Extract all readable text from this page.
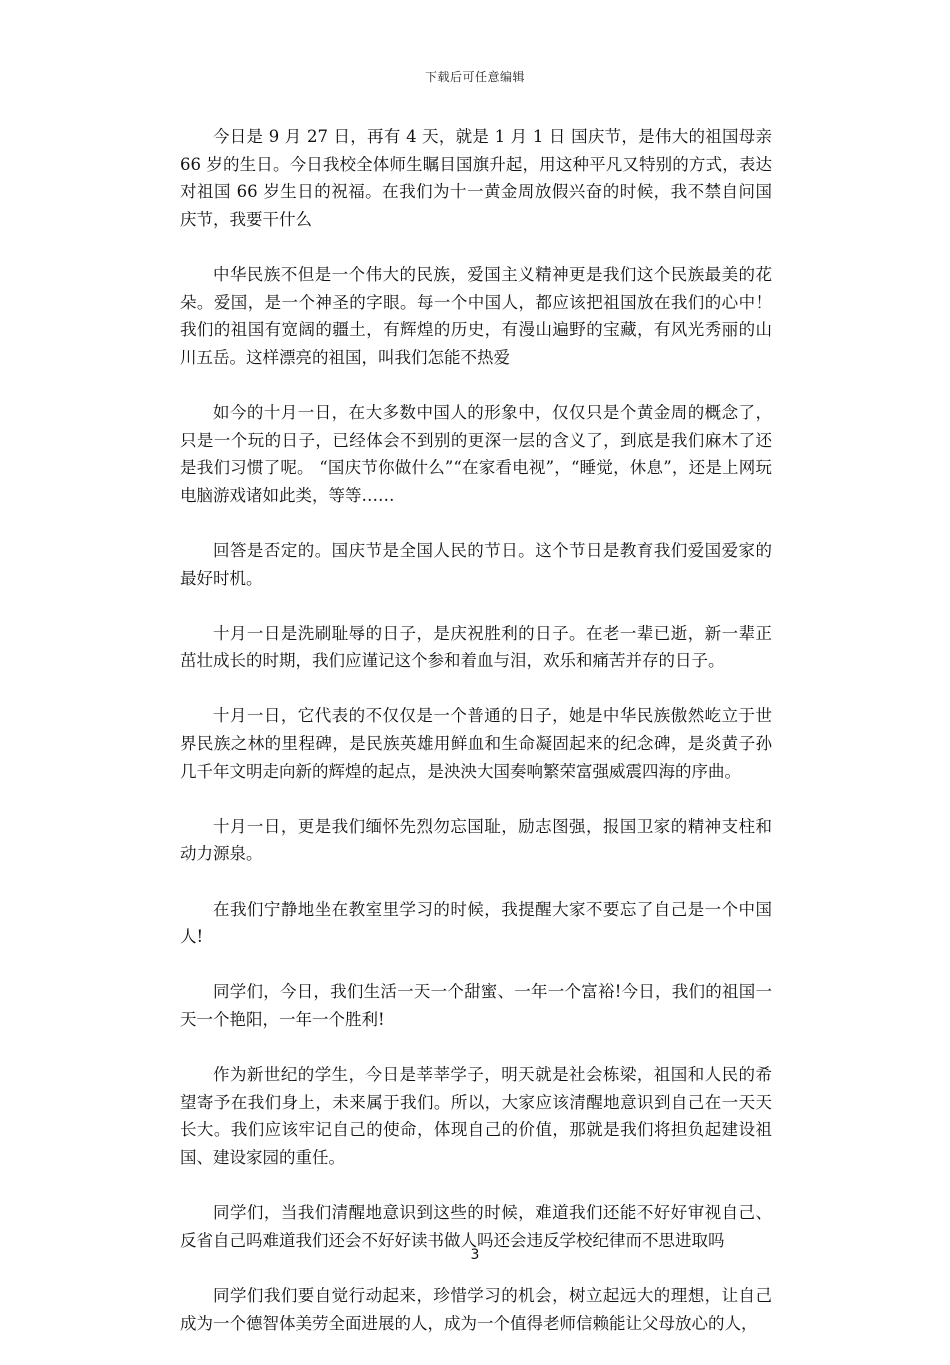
下载后可任意编辑

今日是 9 月 27 日，再有 4 天，就是 1 月 1 日 国庆节，是伟大的祖国母亲 66 岁的生日。今日我校全体师生瞩目国旗升起，用这种平凡又特别的方式，表达对祖国 66 岁生日的祝福。在我们为十一黄金周放假兴奋的时候，我不禁自问国庆节，我要干什么

中华民族不但是一个伟大的民族，爱国主义精神更是我们这个民族最美的花朵。爱国，是一个神圣的字眼。每一个中国人，都应该把祖国放在我们的心中！我们的祖国有宽阔的疆土，有辉煌的历史，有漫山遍野的宝藏，有风光秀丽的山川五岳。这样漂亮的祖国，叫我们怎能不热爱

如今的十月一日，在大多数中国人的形象中，仅仅只是个黄金周的概念了，只是一个玩的日子，已经体会不到别的更深一层的含义了，到底是我们麻木了还是我们习惯了呢。 “国庆节你做什么”“在家看电视”，“睡觉，休息”，还是上网玩电脑游戏诸如此类，等等……

回答是否定的。国庆节是全国人民的节日。这个节日是教育我们爱国爱家的最好时机。

十月一日是洗刷耻辱的日子，是庆祝胜利的日子。在老一辈已逝，新一辈正茁壮成长的时期，我们应谨记这个参和着血与泪，欢乐和痛苦并存的日子。

十月一日，它代表的不仅仅是一个普通的日子，她是中华民族傲然屹立于世界民族之林的里程碑，是民族英雄用鲜血和生命凝固起来的纪念碑，是炎黄子孙几千年文明走向新的辉煌的起点，是泱泱大国奏响繁荣富强威震四海的序曲。

十月一日，更是我们缅怀先烈勿忘国耻，励志图强，报国卫家的精神支柱和动力源泉。

在我们宁静地坐在教室里学习的时候，我提醒大家不要忘了自己是一个中国人!

同学们，今日，我们生活一天一个甜蜜、一年一个富裕!今日，我们的祖国一天一个艳阳，一年一个胜利!

作为新世纪的学生，今日是莘莘学子，明天就是社会栋梁，祖国和人民的希望寄予在我们身上，未来属于我们。所以，大家应该清醒地意识到自己在一天天长大。我们应该牢记自己的使命，体现自己的价值，那就是我们将担负起建设祖国、建设家园的重任。

同学们，当我们清醒地意识到这些的时候，难道我们还能不好好审视自己、反省自己吗难道我们还会不好好读书做人吗还会违反学校纪律而不思进取吗

同学们我们要自觉行动起来，珍惜学习的机会，树立起远大的理想，让自己成为一个德智体美劳全面进展的人，成为一个值得老师信赖能让父母放心的人，

3
